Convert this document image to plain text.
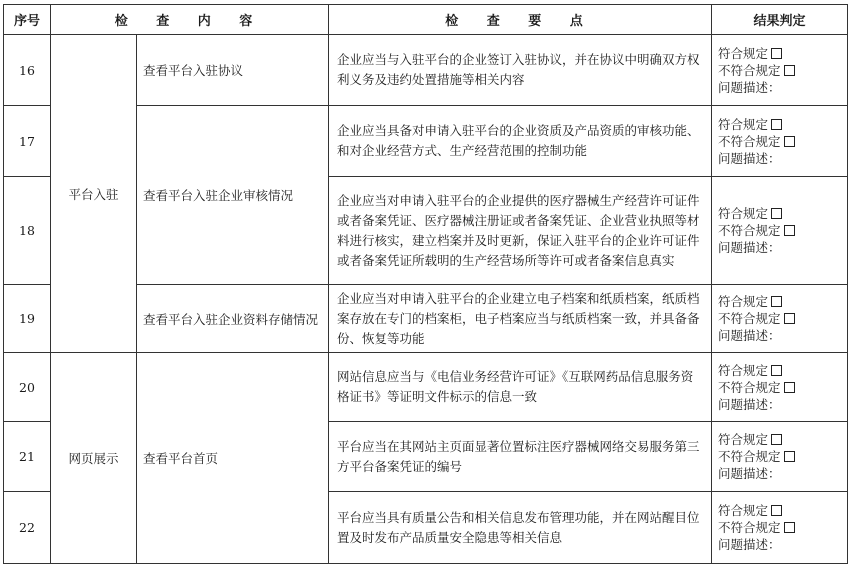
序号	检 查 内 容		检 查 要 点	结果判定
16	平台入驻	查看平台入驻协议	企业应当与入驻平台的企业签订入驻协议，并在协议中明确双方权利义务及违约处置措施等相关内容	符合规定
不符合规定
问题描述：

17		查看平台入驻企业审核情况	企业应当具备对申请入驻平台的企业资质及产品资质的审核功能、和对企业经营方式、生产经营范围的控制功能	符合规定
不符合规定
问题描述：

18			企业应当对申请入驻平台的企业提供的医疗器械生产经营许可证件或者备案凭证、医疗器械注册证或者备案凭证、企业营业执照等材料进行核实，建立档案并及时更新，保证入驻平台的企业许可证件或者备案凭证所载明的生产经营场所等许可或者备案信息真实	符合规定
不符合规定
问题描述：

19		查看平台入驻企业资料存储情况	企业应当对申请入驻平台的企业建立电子档案和纸质档案，纸质档案存放在专门的档案柜，电子档案应当与纸质档案一致，并具备备份、恢复等功能	符合规定
不符合规定
问题描述：

20	网页展示	查看平台首页	网站信息应当与《电信业务经营许可证》《互联网药品信息服务资格证书》等证明文件标示的信息一致	符合规定
不符合规定
问题描述：

21			平台应当在其网站主页面显著位置标注医疗器械网络交易服务第三方平台备案凭证的编号	符合规定
不符合规定
问题描述：

22			平台应当具有质量公告和相关信息发布管理功能，并在网站醒目位置及时发布产品质量安全隐患等相关信息	符合规定
不符合规定
问题描述：
